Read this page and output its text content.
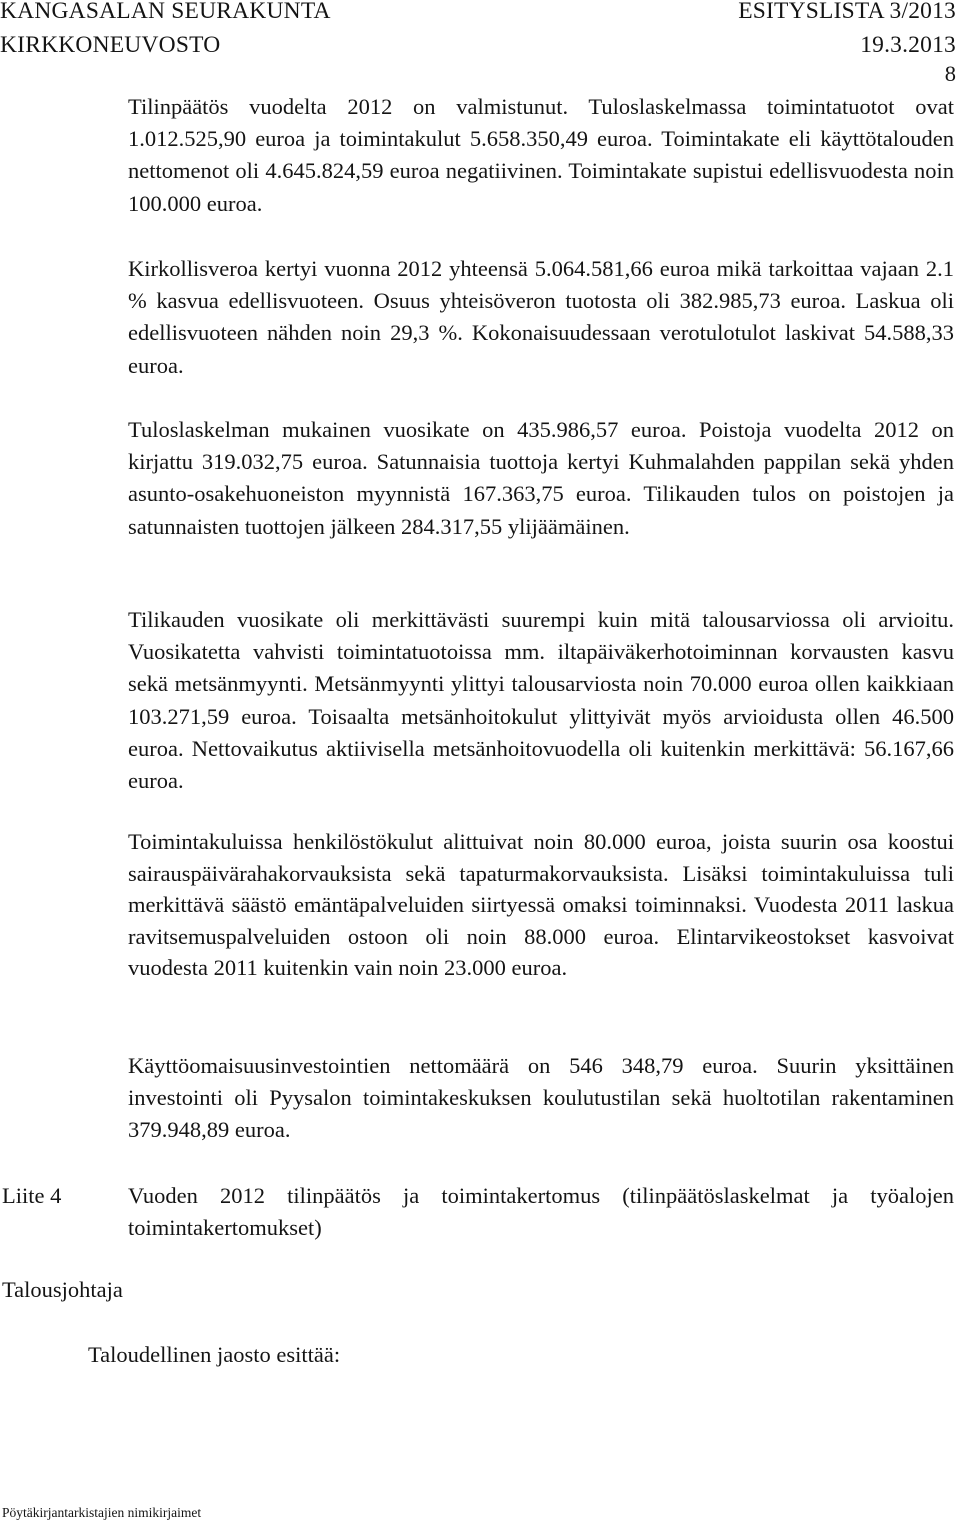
KANGASALAN SEURAKUNTA	ESITYSLISTA 3/2013
KIRKKONEUVOSTO	19.3.2013
8

Tilinpäätös vuodelta 2012 on valmistunut. Tuloslaskelmassa toimintatuotot ovat 1.012.525,90 euroa ja toimintakulut 5.658.350,49 euroa. Toimintakate eli käyttötalouden nettomenot oli 4.645.824,59 euroa negatiivinen. Toimintakate supistui edellisvuodesta noin 100.000 euroa.

Kirkollisveroa kertyi vuonna 2012 yhteensä 5.064.581,66 euroa mikä tarkoittaa vajaan 2.1 % kasvua edellisvuoteen. Osuus yhteisöveron tuotosta oli 382.985,73 euroa. Laskua oli edellisvuoteen nähden noin 29,3 %. Kokonaisuudessaan verotulotulot laskivat 54.588,33 euroa.

Tuloslaskelman mukainen vuosikate on 435.986,57 euroa. Poistoja vuodelta 2012 on kirjattu 319.032,75 euroa. Satunnaisia tuottoja kertyi Kuhmalahden pappilan sekä yhden asunto-osakehuoneiston myynnistä 167.363,75 euroa. Tilikauden tulos on poistojen ja satunnaisten tuottojen jälkeen 284.317,55 ylijäämäinen.

Tilikauden vuosikate oli merkittävästi suurempi kuin mitä talousarviossa oli arvioitu. Vuosikatetta vahvisti toimintatuotoissa mm. iltapäiväkerhotoiminnan korvausten kasvu sekä metsänmyynti. Metsänmyynti ylittyi talousarviosta noin 70.000 euroa ollen kaikkiaan 103.271,59 euroa. Toisaalta metsänhoitokulut ylittyivät myös arvioidusta ollen 46.500 euroa. Nettovaikutus aktiivisella metsänhoitovuodella oli kuitenkin merkittävä: 56.167,66 euroa.

Toimintakuluissa henkilöstökulut alittuivat noin 80.000 euroa, joista suurin osa koostui sairauspäivärahakorvauksista sekä tapaturmakorvauksista. Lisäksi toimintakuluissa tuli merkittävä säästö emäntäpalveluiden siirtyessä omaksi toiminnaksi. Vuodesta 2011 laskua ravitsemuspalveluiden ostoon oli noin 88.000 euroa. Elintarvikeostokset kasvoivat vuodesta 2011 kuitenkin vain noin 23.000 euroa.

Käyttöomaisuusinvestointien nettomäärä on 546 348,79 euroa. Suurin yksittäinen investointi oli Pyysalon toimintakeskuksen koulutustilan sekä huoltotilan rakentaminen 379.948,89 euroa.

Liite 4	Vuoden 2012 tilinpäätös ja toimintakertomus (tilinpäätöslaskelmat ja työalojen toimintakertomukset)

Talousjohtaja
Taloudellinen jaosto esittää:
Pöytäkirjantarkistajien nimikirjaimet
